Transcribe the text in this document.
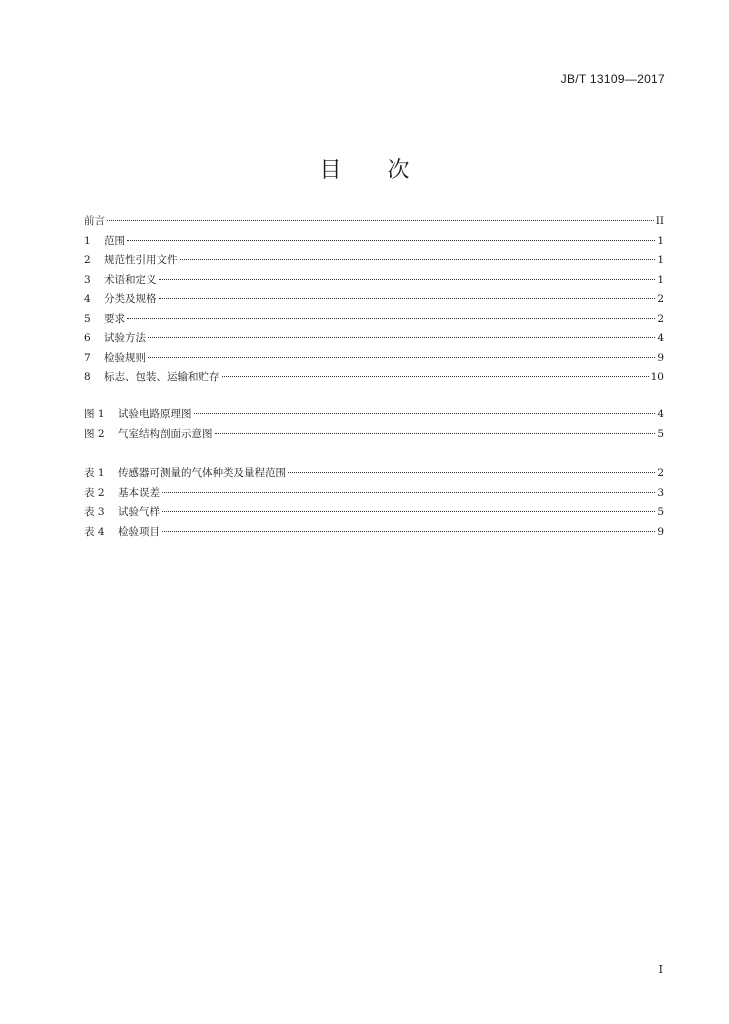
JB/T 13109—2017
目 次
前言	II
1	范围	1
2	规范性引用文件	1
3	术语和定义	1
4	分类及规格	2
5	要求	2
6	试验方法	4
7	检验规则	9
8	标志、包装、运输和贮存	10
图 1	试验电路原理图	4
图 2	气室结构剖面示意图	5
表 1	传感器可测量的气体种类及量程范围	2
表 2	基本误差	3
表 3	试验气样	5
表 4	检验项目	9
I
